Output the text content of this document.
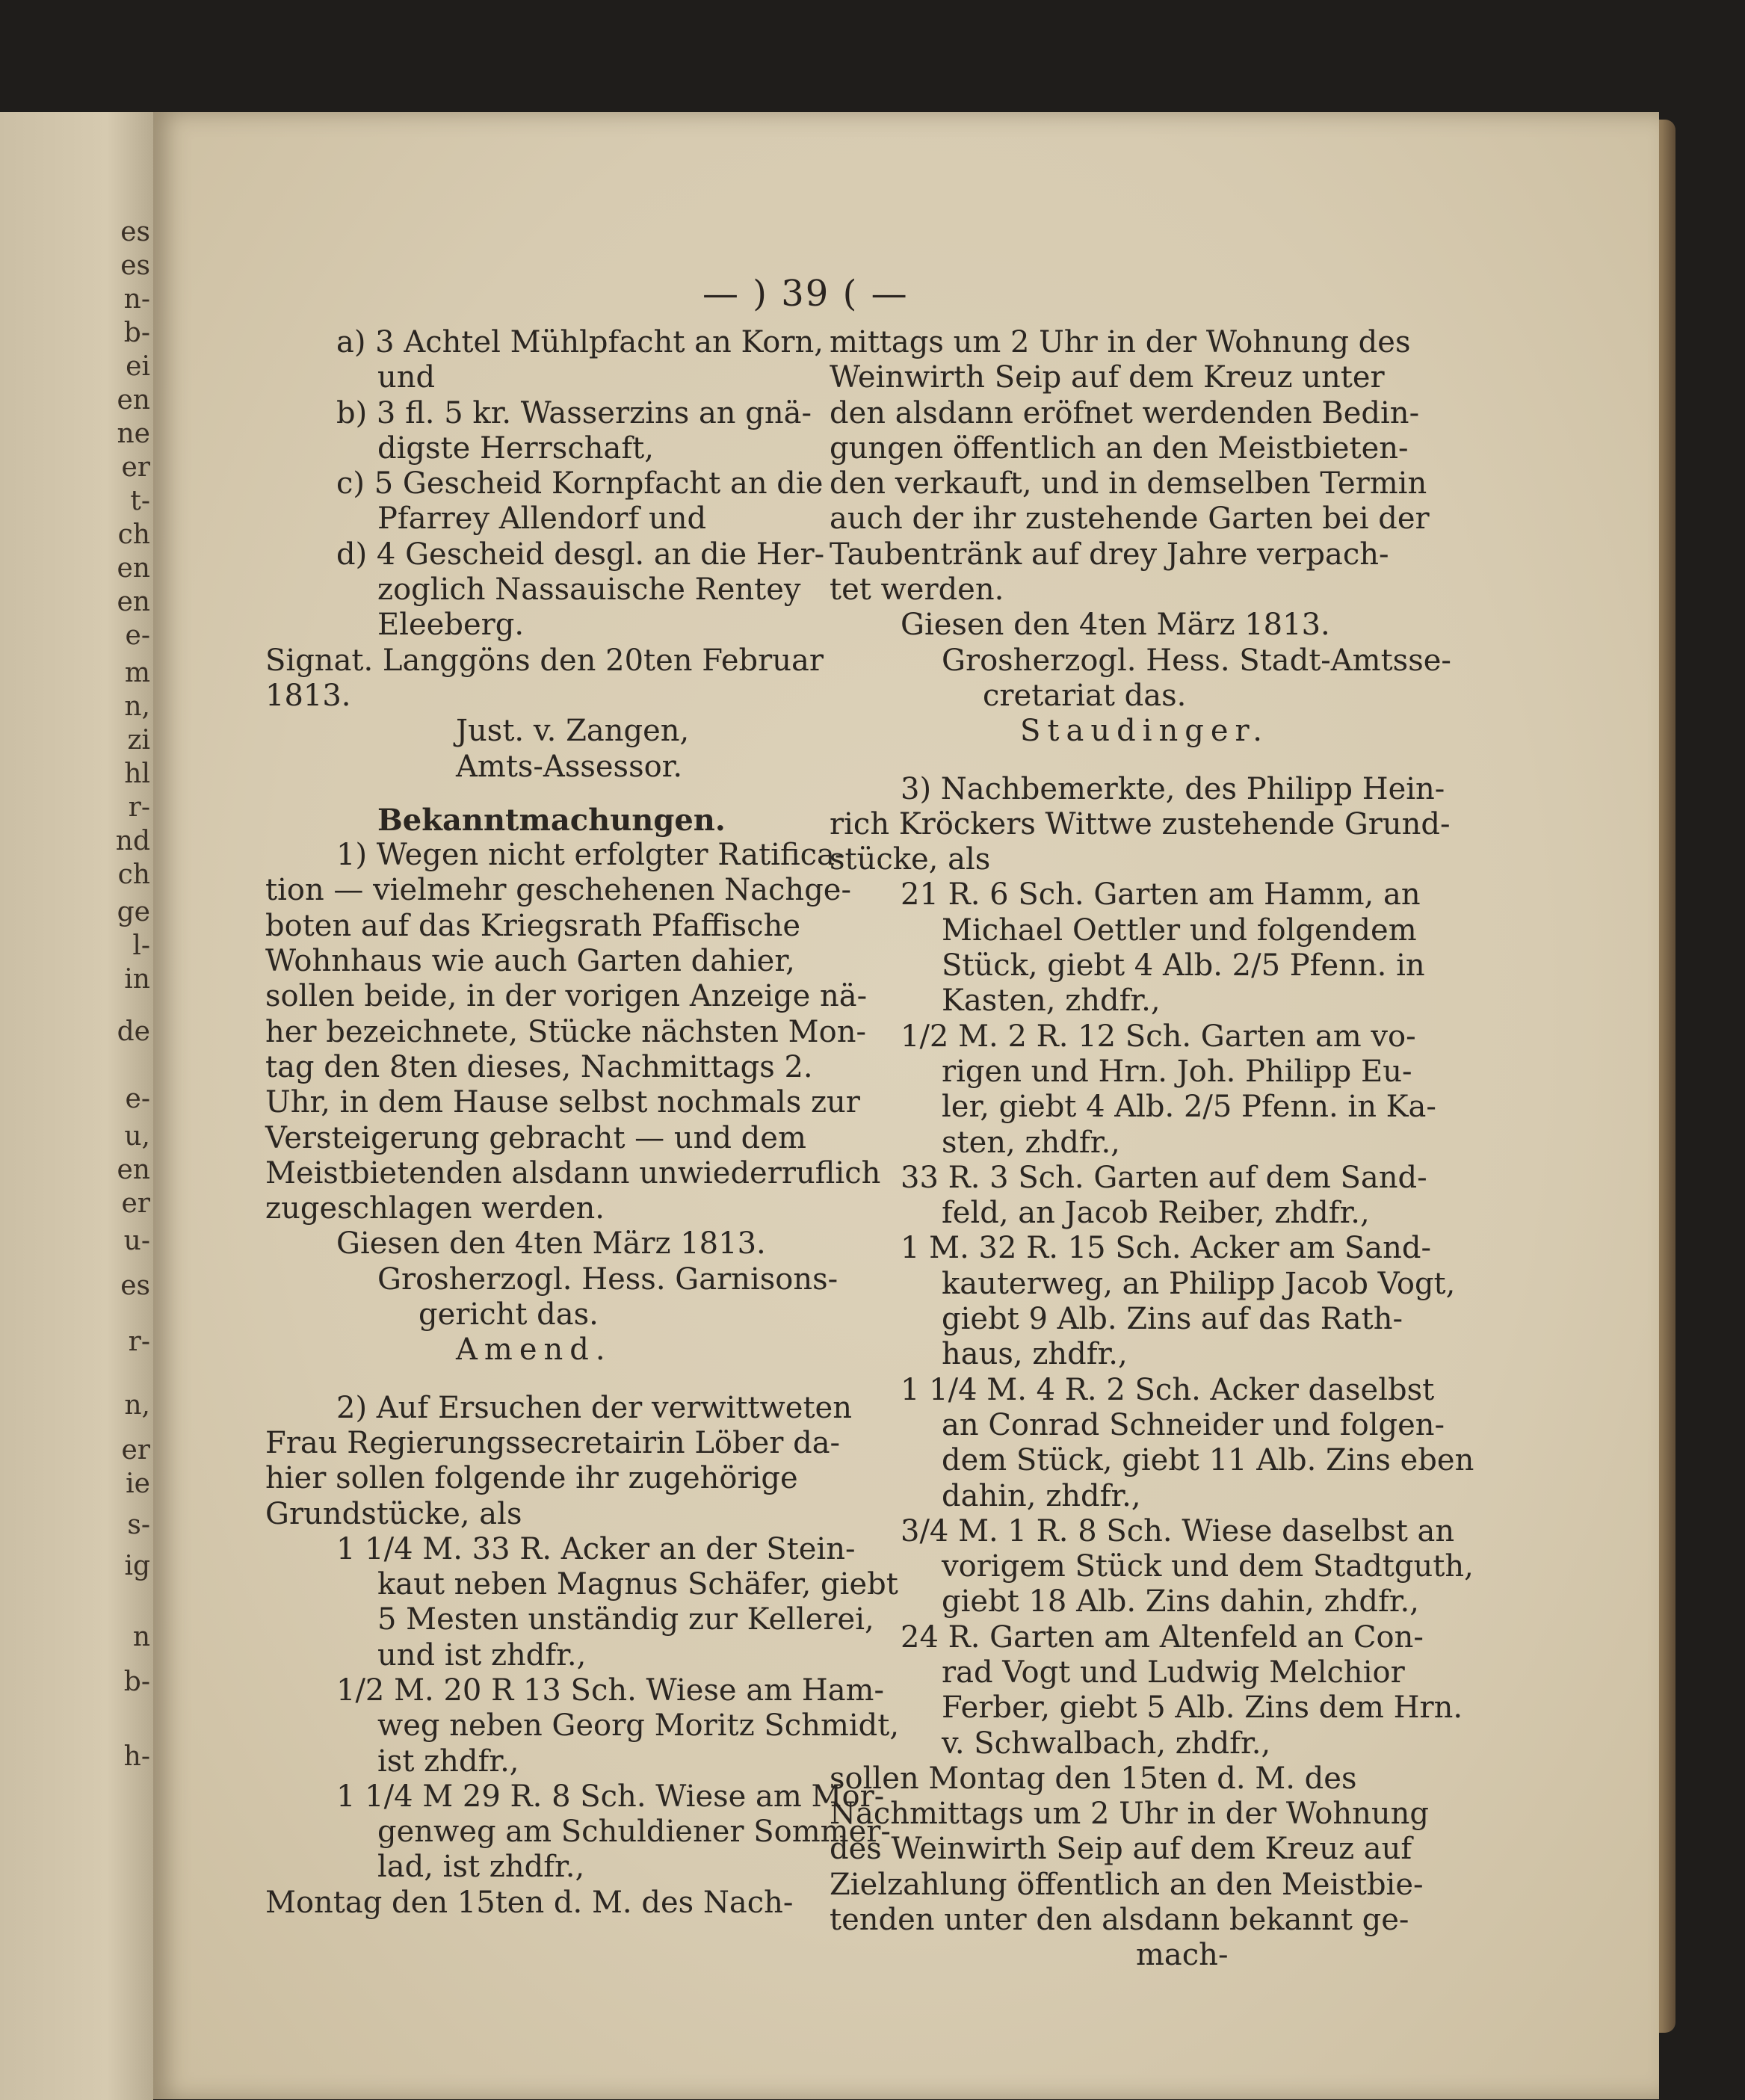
es
es
n-
b-
ei
en
ne
er
t-
ch
en
en
e-
m
n,
zi
hl
r-
nd
ch
ge
l-
in
de
e-
u,
en
er
u-
es
r-
n,
er
ie
s-
ig
n
b-
h-
— ) 39 ( —

a) 3 Achtel Mühlpfacht an Korn,

und

b) 3 fl. 5 kr. Wasserzins an gnä-

digste Herrschaft,

c) 5 Gescheid Kornpfacht an die

Pfarrey Allendorf und

d) 4 Gescheid desgl. an die Her-

zoglich Nassauische Rentey

Eleeberg.

Signat. Langgöns den 20ten Februar

1813.

Just. v. Zangen,

Amts-Assessor.

Bekanntmachungen.

1) Wegen nicht erfolgter Ratifica-

tion — vielmehr geschehenen Nachge-

boten auf das Kriegsrath Pfaffische

Wohnhaus wie auch Garten dahier,

sollen beide, in der vorigen Anzeige nä-

her bezeichnete, Stücke nächsten Mon-

tag den 8ten dieses, Nachmittags 2.

Uhr, in dem Hause selbst nochmals zur

Versteigerung gebracht — und dem

Meistbietenden alsdann unwiederruflich

zugeschlagen werden.

Giesen den 4ten März 1813.

Grosherzogl. Hess. Garnisons-

gericht das.

Amend.

2) Auf Ersuchen der verwittweten

Frau Regierungssecretairin Löber da-

hier sollen folgende ihr zugehörige

Grundstücke, als

1 1/4 M. 33 R. Acker an der Stein-

kaut neben Magnus Schäfer, giebt

5 Mesten unständig zur Kellerei,

und ist zhdfr.,

1/2 M. 20 R 13 Sch. Wiese am Ham-

weg neben Georg Moritz Schmidt,

ist zhdfr.,

1 1/4 M 29 R. 8 Sch. Wiese am Mor-

genweg am Schuldiener Sommer-

lad, ist zhdfr.,

Montag den 15ten d. M. des Nach-

mittags um 2 Uhr in der Wohnung des

Weinwirth Seip auf dem Kreuz unter

den alsdann eröfnet werdenden Bedin-

gungen öffentlich an den Meistbieten-

den verkauft, und in demselben Termin

auch der ihr zustehende Garten bei der

Taubentränk auf drey Jahre verpach-

tet werden.

Giesen den 4ten März 1813.

Grosherzogl. Hess. Stadt-Amtsse-

cretariat das.

Staudinger.

3) Nachbemerkte, des Philipp Hein-

rich Kröckers Wittwe zustehende Grund-

stücke, als

21 R. 6 Sch. Garten am Hamm, an

Michael Oettler und folgendem

Stück, giebt 4 Alb. 2/5 Pfenn. in

Kasten, zhdfr.,

1/2 M. 2 R. 12 Sch. Garten am vo-

rigen und Hrn. Joh. Philipp Eu-

ler, giebt 4 Alb. 2/5 Pfenn. in Ka-

sten, zhdfr.,

33 R. 3 Sch. Garten auf dem Sand-

feld, an Jacob Reiber, zhdfr.,

1 M. 32 R. 15 Sch. Acker am Sand-

kauterweg, an Philipp Jacob Vogt,

giebt 9 Alb. Zins auf das Rath-

haus, zhdfr.,

1 1/4 M. 4 R. 2 Sch. Acker daselbst

an Conrad Schneider und folgen-

dem Stück, giebt 11 Alb. Zins eben

dahin, zhdfr.,

3/4 M. 1 R. 8 Sch. Wiese daselbst an

vorigem Stück und dem Stadtguth,

giebt 18 Alb. Zins dahin, zhdfr.,

24 R. Garten am Altenfeld an Con-

rad Vogt und Ludwig Melchior

Ferber, giebt 5 Alb. Zins dem Hrn.

v. Schwalbach, zhdfr.,

sollen Montag den 15ten d. M. des

Nachmittags um 2 Uhr in der Wohnung

des Weinwirth Seip auf dem Kreuz auf

Zielzahlung öffentlich an den Meistbie-

tenden unter den alsdann bekannt ge-

mach-
